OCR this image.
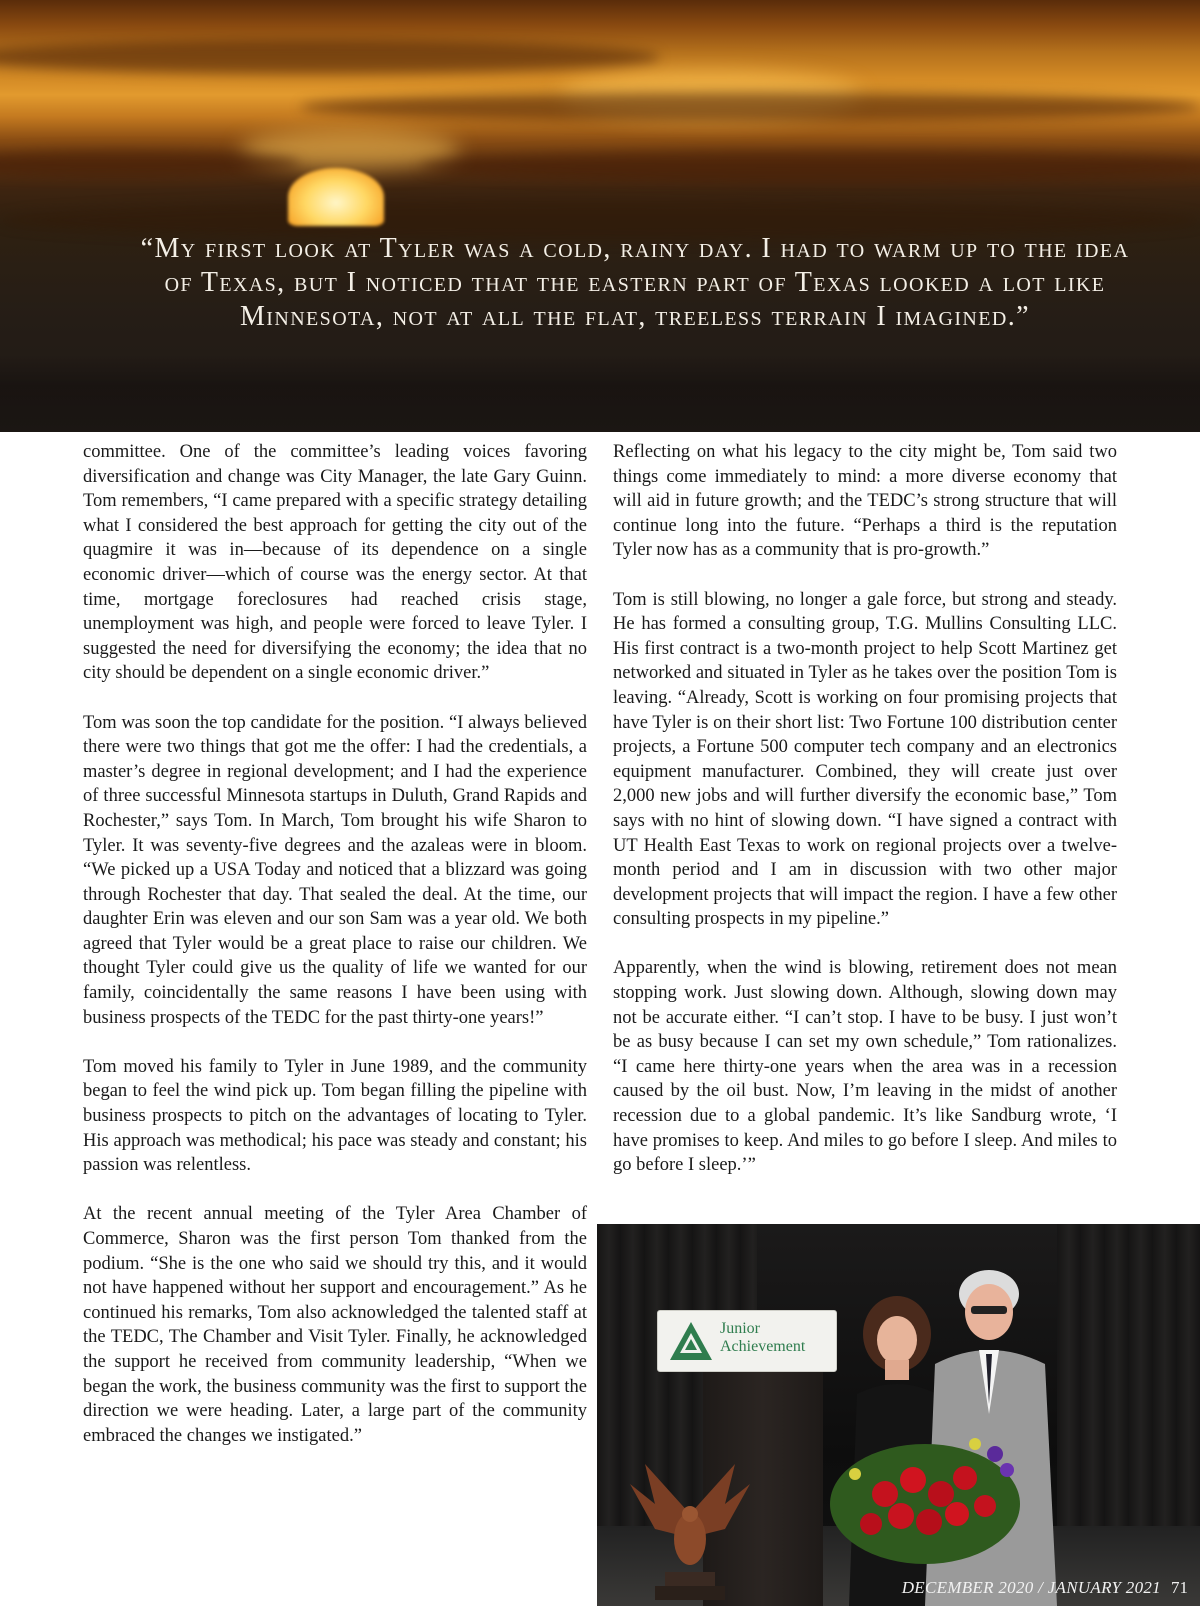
“My first look at Tyler was a cold, rainy day. I had to warm up to the idea of Texas, but I noticed that the eastern part of Texas looked a lot like Minnesota, not at all the flat, treeless terrain I imagined.”

committee. One of the committee’s leading voices favoring diversification and change was City Manager, the late Gary Guinn. Tom remembers, “I came prepared with a specific strategy detailing what I considered the best approach for getting the city out of the quagmire it was in—because of its dependence on a single economic driver—which of course was the energy sector. At that time, mortgage foreclosures had reached crisis stage, unemployment was high, and people were forced to leave Tyler. I suggested the need for diversifying the economy; the idea that no city should be dependent on a single economic driver.”

Tom was soon the top candidate for the position. “I always believed there were two things that got me the offer: I had the credentials, a master’s degree in regional development; and I had the experience of three successful Minnesota startups in Duluth, Grand Rapids and Rochester,” says Tom. In March, Tom brought his wife Sharon to Tyler. It was seventy-five degrees and the azaleas were in bloom. “We picked up a USA Today and noticed that a blizzard was going through Rochester that day. That sealed the deal. At the time, our daughter Erin was eleven and our son Sam was a year old. We both agreed that Tyler would be a great place to raise our children. We thought Tyler could give us the quality of life we wanted for our family, coincidentally the same reasons I have been using with business prospects of the TEDC for the past thirty-one years!”

Tom moved his family to Tyler in June 1989, and the community began to feel the wind pick up. Tom began filling the pipeline with business prospects to pitch on the advantages of locating to Tyler. His approach was methodical; his pace was steady and constant; his passion was relentless.

At the recent annual meeting of the Tyler Area Chamber of Commerce, Sharon was the first person Tom thanked from the podium. “She is the one who said we should try this, and it would not have happened without her support and encouragement.” As he continued his remarks, Tom also acknowledged the talented staff at the TEDC, The Chamber and Visit Tyler. Finally, he acknowledged the support he received from community leadership, “When we began the work, the business community was the first to support the direction we were heading. Later, a large part of the community embraced the changes we instigated.”

Reflecting on what his legacy to the city might be, Tom said two things come immediately to mind: a more diverse economy that will aid in future growth; and the TEDC’s strong structure that will continue long into the future. “Perhaps a third is the reputation Tyler now has as a community that is pro-growth.”

Tom is still blowing, no longer a gale force, but strong and steady. He has formed a consulting group, T.G. Mullins Consulting LLC. His first contract is a two-month project to help Scott Martinez get networked and situated in Tyler as he takes over the position Tom is leaving. “Already, Scott is working on four promising projects that have Tyler is on their short list: Two Fortune 100 distribution center projects, a Fortune 500 computer tech company and an electronics equipment manufacturer. Combined, they will create just over 2,000 new jobs and will further diversify the economic base,” Tom says with no hint of slowing down. “I have signed a contract with UT Health East Texas to work on regional projects over a twelve-month period and I am in discussion with two other major development projects that will impact the region. I have a few other consulting prospects in my pipeline.”

Apparently, when the wind is blowing, retirement does not mean stopping work. Just slowing down. Although, slowing down may not be accurate either. “I can’t stop. I have to be busy. I just won’t be as busy because I can set my own schedule,” Tom rationalizes. “I came here thirty-one years when the area was in a recession caused by the oil bust. Now, I’m leaving in the midst of another recession due to a global pandemic. It’s like Sandburg wrote, ‘I have promises to keep. And miles to go before I sleep. And miles to go before I sleep.’”

Junior
Achievement
DECEMBER 2020 / JANUARY 2021 71
